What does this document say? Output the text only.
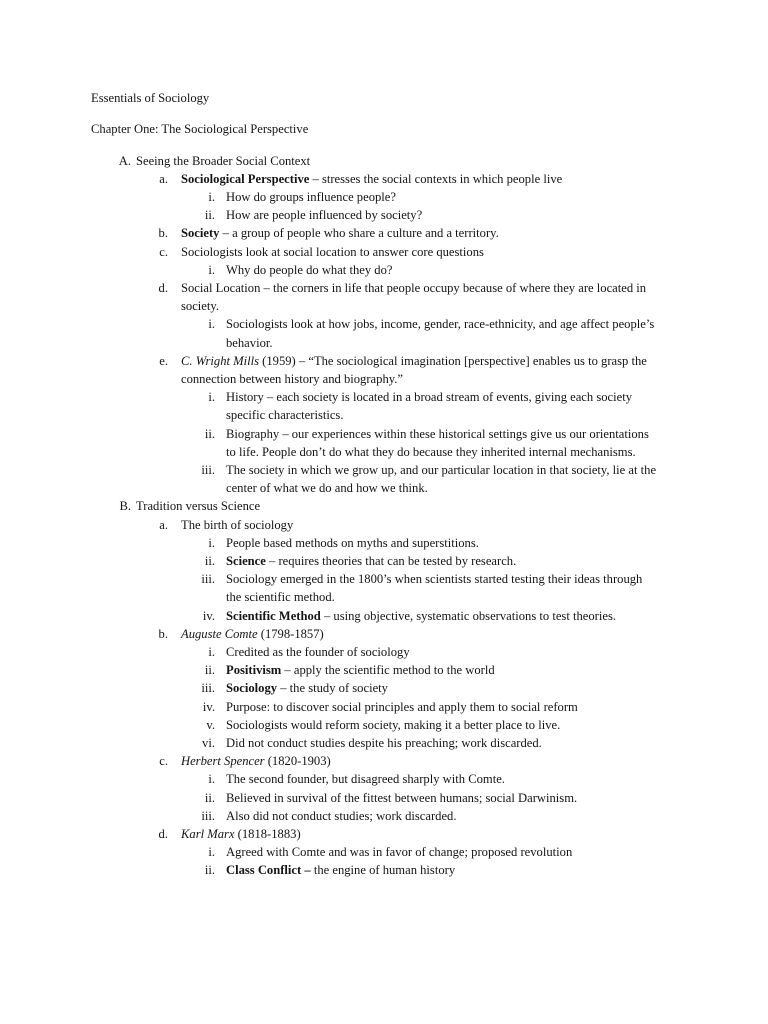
Essentials of Sociology
Chapter One: The Sociological Perspective
A. Seeing the Broader Social Context
a. Sociological Perspective – stresses the social contexts in which people live
i. How do groups influence people?
ii. How are people influenced by society?
b. Society – a group of people who share a culture and a territory.
c. Sociologists look at social location to answer core questions
i. Why do people do what they do?
d. Social Location – the corners in life that people occupy because of where they are located in society.
i. Sociologists look at how jobs, income, gender, race-ethnicity, and age affect people’s behavior.
e. C. Wright Mills (1959) – “The sociological imagination [perspective] enables us to grasp the connection between history and biography.”
i. History – each society is located in a broad stream of events, giving each society specific characteristics.
ii. Biography – our experiences within these historical settings give us our orientations to life. People don’t do what they do because they inherited internal mechanisms.
iii. The society in which we grow up, and our particular location in that society, lie at the center of what we do and how we think.
B. Tradition versus Science
a. The birth of sociology
i. People based methods on myths and superstitions.
ii. Science – requires theories that can be tested by research.
iii. Sociology emerged in the 1800’s when scientists started testing their ideas through the scientific method.
iv. Scientific Method – using objective, systematic observations to test theories.
b. Auguste Comte (1798-1857)
i. Credited as the founder of sociology
ii. Positivism – apply the scientific method to the world
iii. Sociology – the study of society
iv. Purpose: to discover social principles and apply them to social reform
v. Sociologists would reform society, making it a better place to live.
vi. Did not conduct studies despite his preaching; work discarded.
c. Herbert Spencer (1820-1903)
i. The second founder, but disagreed sharply with Comte.
ii. Believed in survival of the fittest between humans; social Darwinism.
iii. Also did not conduct studies; work discarded.
d. Karl Marx (1818-1883)
i. Agreed with Comte and was in favor of change; proposed revolution
ii. Class Conflict – the engine of human history
